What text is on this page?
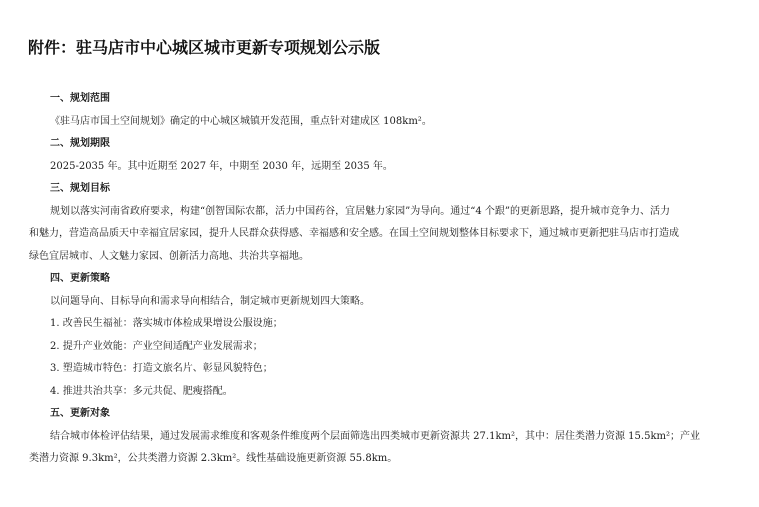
附件：驻马店市中心城区城市更新专项规划公示版
一、规划范围
《驻马店市国土空间规划》确定的中心城区城镇开发范围，重点针对建成区 108km²。
二、规划期限
2025-2035 年。其中近期至 2027 年，中期至 2030 年，远期至 2035 年。
三、规划目标
规划以落实河南省政府要求，构建“创智国际农都，活力中国药谷，宜居魅力家园”为导向。通过“4 个跟”的更新思路，提升城市竞争力、活力
和魅力，营造高品质天中幸福宜居家园，提升人民群众获得感、幸福感和安全感。在国土空间规划整体目标要求下，通过城市更新把驻马店市打造成
绿色宜居城市、人文魅力家园、创新活力高地、共治共享福地。
四、更新策略
以问题导向、目标导向和需求导向相结合，制定城市更新规划四大策略。
1. 改善民生福祉：落实城市体检成果增设公服设施；
2. 提升产业效能：产业空间适配产业发展需求；
3. 塑造城市特色：打造文旅名片、彰显风貌特色；
4. 推进共治共享：多元共促、肥瘦搭配。
五、更新对象
结合城市体检评估结果，通过发展需求维度和客观条件维度两个层面筛选出四类城市更新资源共 27.1km²，其中：居住类潜力资源 15.5km²；产业
类潜力资源 9.3km²，公共类潜力资源 2.3km²。线性基础设施更新资源 55.8km。
